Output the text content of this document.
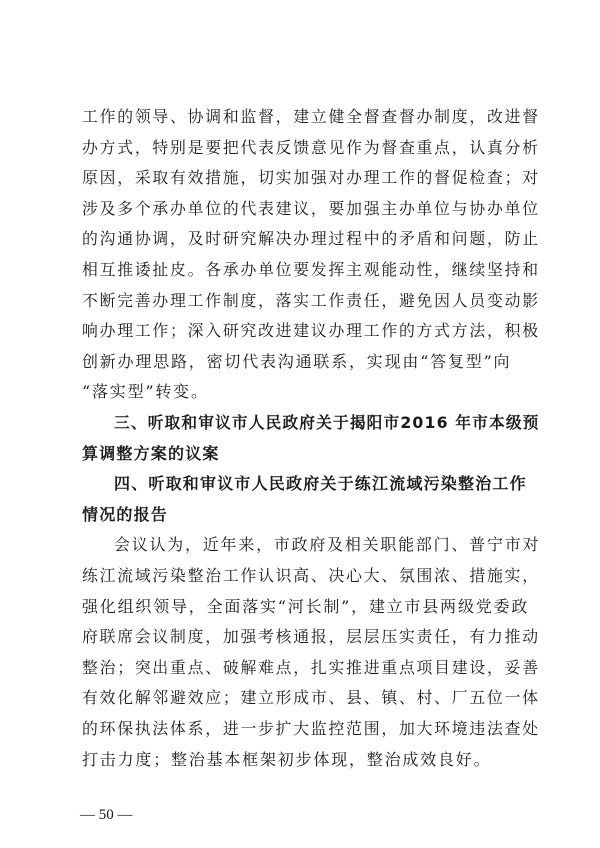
工作的领导、协调和监督，建立健全督查督办制度，改进督
办方式，特别是要把代表反馈意见作为督查重点，认真分析
原因，采取有效措施，切实加强对办理工作的督促检查；对
涉及多个承办单位的代表建议，要加强主办单位与协办单位
的沟通协调，及时研究解决办理过程中的矛盾和问题，防止
相互推诿扯皮。各承办单位要发挥主观能动性，继续坚持和
不断完善办理工作制度，落实工作责任，避免因人员变动影
响办理工作；深入研究改进建议办理工作的方式方法，积极
创新办理思路，密切代表沟通联系，实现由“答复型”向
“落实型”转变。
三、听取和审议市人民政府关于揭阳市2016 年市本级预
算调整方案的议案
四、听取和审议市人民政府关于练江流域污染整治工作
情况的报告
会议认为，近年来，市政府及相关职能部门、普宁市对
练江流域污染整治工作认识高、决心大、氛围浓、措施实，
强化组织领导，全面落实“河长制”，建立市县两级党委政
府联席会议制度，加强考核通报，层层压实责任，有力推动
整治；突出重点、破解难点，扎实推进重点项目建设，妥善
有效化解邻避效应；建立形成市、县、镇、村、厂五位一体
的环保执法体系，进一步扩大监控范围，加大环境违法查处
— 50 —
打击力度；整治基本框架初步体现，整治成效良好。
